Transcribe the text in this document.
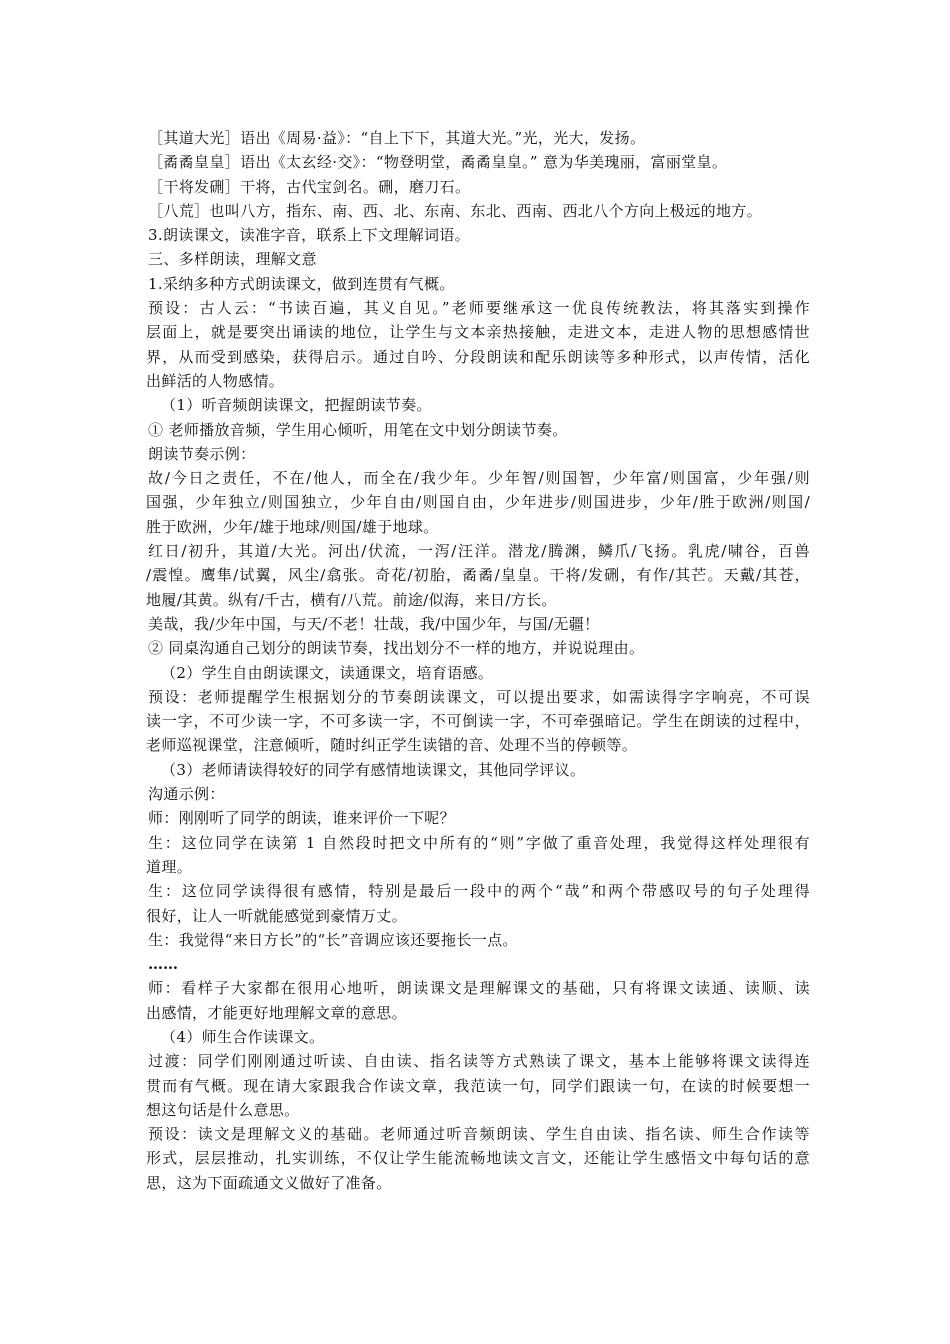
［其道大光］语出《周易·益》：“自上下下，其道大光。”光，光大，发扬。

［矞矞皇皇］语出《太玄经·交》：“物登明堂，矞矞皇皇。” 意为华美瑰丽，富丽堂皇。

［干将发硎］干将，古代宝剑名。硎，磨刀石。

［八荒］也叫八方，指东、南、西、北、东南、东北、西南、西北八个方向上极远的地方。

3.朗读课文，读准字音，联系上下文理解词语。

三、多样朗读，理解文意

1.采纳多种方式朗读课文，做到连贯有气概。

预设：古人云：“书读百遍，其义自见。”老师要继承这一优良传统教法，将其落实到操作

层面上，就是要突出诵读的地位，让学生与文本亲热接触，走进文本，走进人物的思想感情世

界，从而受到感染，获得启示。通过自吟、分段朗读和配乐朗读等多种形式，以声传情，活化

出鲜活的人物感情。

（1）听音频朗读课文，把握朗读节奏。

① 老师播放音频，学生用心倾听，用笔在文中划分朗读节奏。

朗读节奏示例：

故/今日之责任，不在/他人，而全在/我少年。少年智/则国智，少年富/则国富，少年强/则

国强，少年独立/则国独立，少年自由/则国自由，少年进步/则国进步，少年/胜于欧洲/则国/

胜于欧洲，少年/雄于地球/则国/雄于地球。

红日/初升，其道/大光。河出/伏流，一泻/汪洋。潜龙/腾渊，鳞爪/飞扬。乳虎/啸谷，百兽

/震惶。鹰隼/试翼，风尘/翕张。奇花/初胎，矞矞/皇皇。干将/发硎，有作/其芒。天戴/其苍，

地履/其黄。纵有/千古，横有/八荒。前途/似海，来日/方长。

美哉，我/少年中国，与天/不老！壮哉，我/中国少年，与国/无疆！

② 同桌沟通自己划分的朗读节奏，找出划分不一样的地方，并说说理由。

（2）学生自由朗读课文，读通课文，培育语感。

预设：老师提醒学生根据划分的节奏朗读课文，可以提出要求，如需读得字字响亮，不可误

读一字，不可少读一字，不可多读一字，不可倒读一字，不可牵强暗记。学生在朗读的过程中，

老师巡视课堂，注意倾听，随时纠正学生读错的音、处理不当的停顿等。

（3）老师请读得较好的同学有感情地读课文，其他同学评议。

沟通示例：

师：刚刚听了同学的朗读，谁来评价一下呢？

生：这位同学在读第 1 自然段时把文中所有的“则”字做了重音处理，我觉得这样处理很有

道理。

生：这位同学读得很有感情，特别是最后一段中的两个“哉”和两个带感叹号的句子处理得

很好，让人一听就能感觉到豪情万丈。

生：我觉得“来日方长”的“长”音调应该还要拖长一点。

……

师：看样子大家都在很用心地听，朗读课文是理解课文的基础，只有将课文读通、读顺、读

出感情，才能更好地理解文章的意思。

（4）师生合作读课文。

过渡：同学们刚刚通过听读、自由读、指名读等方式熟读了课文，基本上能够将课文读得连

贯而有气概。现在请大家跟我合作读文章，我范读一句，同学们跟读一句，在读的时候要想一

想这句话是什么意思。

预设：读文是理解文义的基础。老师通过听音频朗读、学生自由读、指名读、师生合作读等

形式，层层推动，扎实训练，不仅让学生能流畅地读文言文，还能让学生感悟文中每句话的意

思，这为下面疏通文义做好了准备。
